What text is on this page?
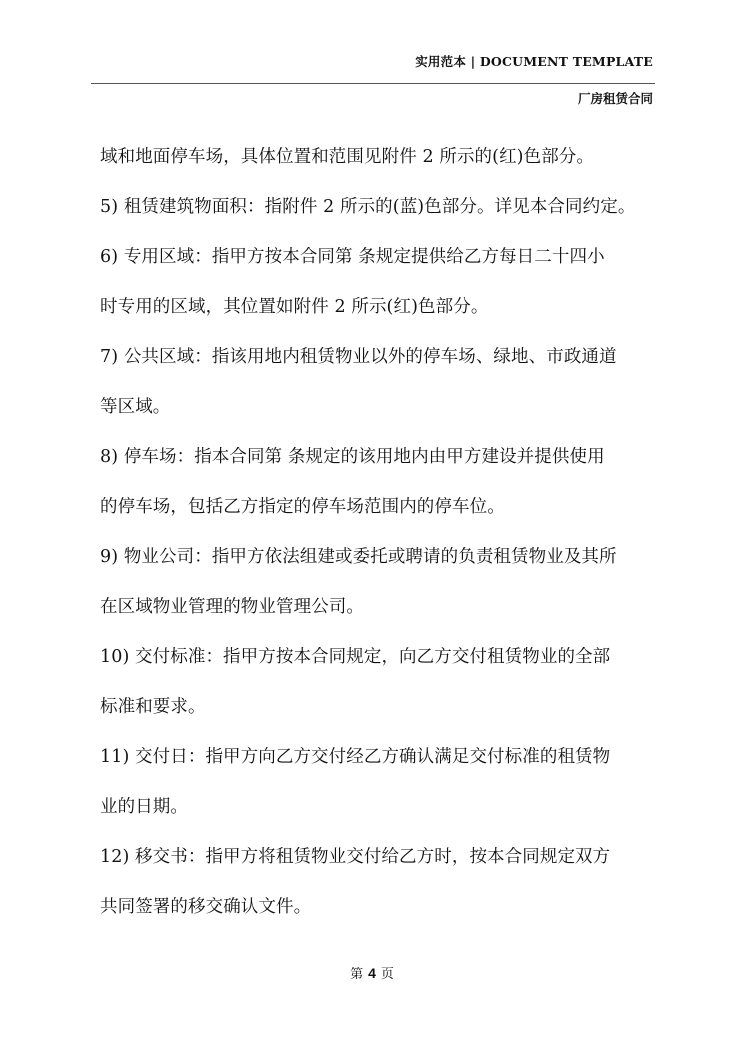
实用范本 | DOCUMENT TEMPLATE
厂房租赁合同
域和地面停车场，具体位置和范围见附件 2 所示的(红)色部分。
5) 租赁建筑物面积：指附件 2 所示的(蓝)色部分。详见本合同约定。
6) 专用区域：指甲方按本合同第 条规定提供给乙方每日二十四小
时专用的区域，其位置如附件 2 所示(红)色部分。
7) 公共区域：指该用地内租赁物业以外的停车场、绿地、市政通道
等区域。
8) 停车场：指本合同第 条规定的该用地内由甲方建设并提供使用
的停车场，包括乙方指定的停车场范围内的停车位。
9) 物业公司：指甲方依法组建或委托或聘请的负责租赁物业及其所
在区域物业管理的物业管理公司。
10) 交付标准：指甲方按本合同规定，向乙方交付租赁物业的全部
标准和要求。
11) 交付日：指甲方向乙方交付经乙方确认满足交付标准的租赁物
业的日期。
12) 移交书：指甲方将租赁物业交付给乙方时，按本合同规定双方
共同签署的移交确认文件。
第 4 页
